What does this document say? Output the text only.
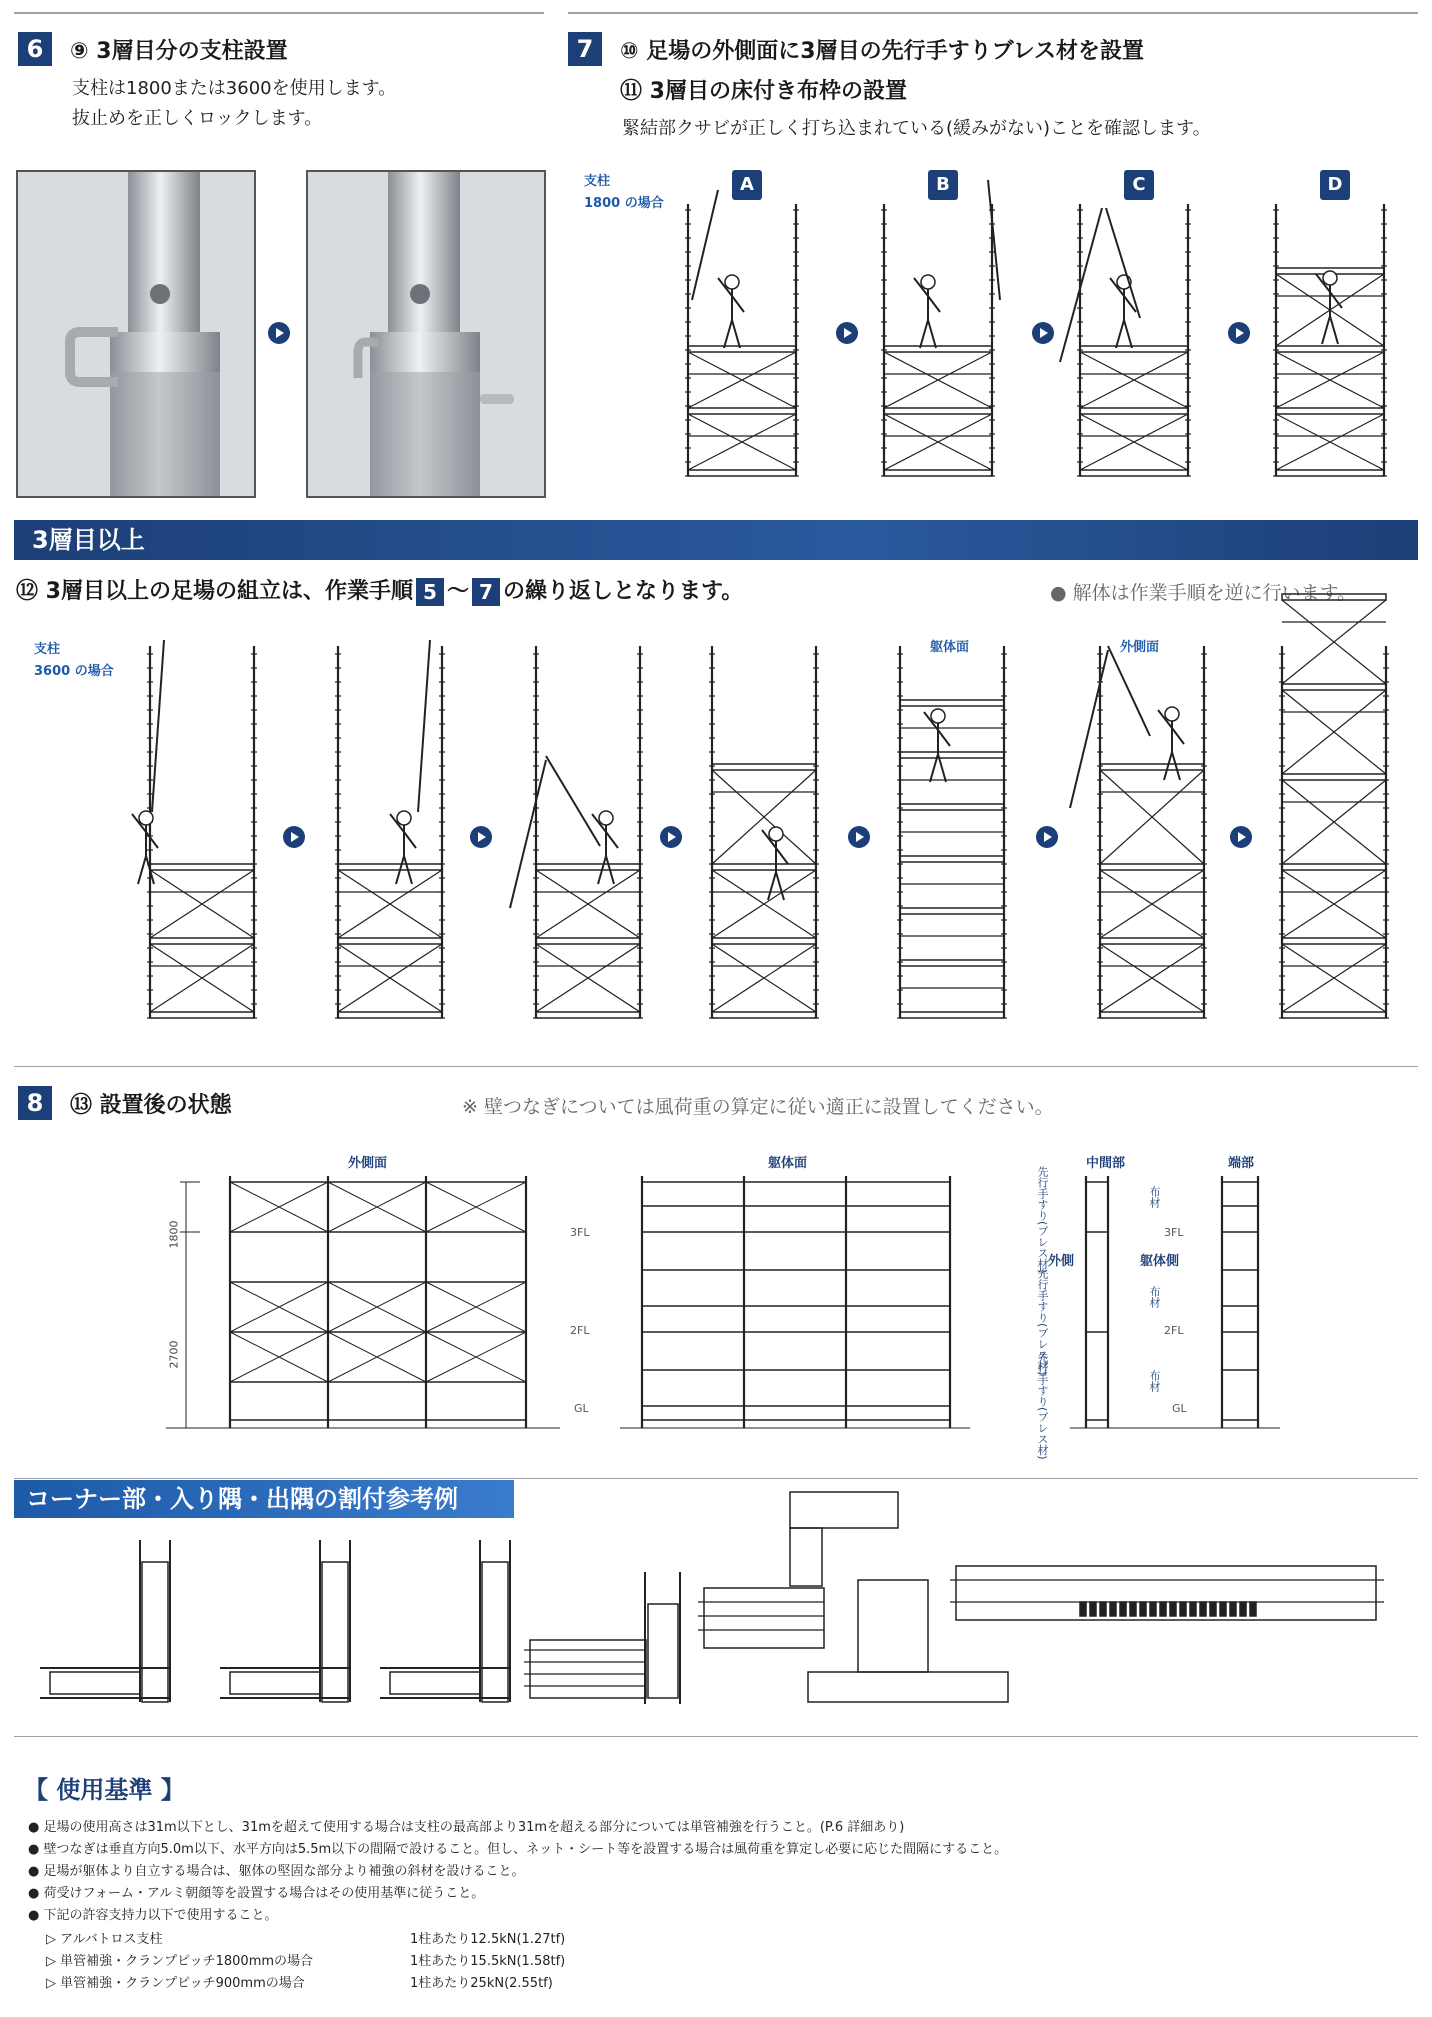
6	⑨ 3層目分の支柱設置
支柱は1800または3600を使用します。
抜止めを正しくロックします。
7	⑩ 足場の外側面に3層目の先行手すりブレス材を設置
⑪ 3層目の床付き布枠の設置
緊結部クサビが正しく打ち込まれている(緩みがない)ことを確認します。
支柱
1800 の場合
A	B	C	D
3層目以上
⑫ 3層目以上の足場の組立は、作業手順 5 ～ 7 の繰り返しとなります。	● 解体は作業手順を逆に行います。
支柱
3600 の場合
躯体面	外側面
8	⑬ 設置後の状態	※ 壁つなぎについては風荷重の算定に従い適正に設置してください。
外側面	躯体面	中間部	端部
1800
2700
3FL
2FL
GL
3FL
2FL
GL
外側	躯体側
先行手すり(ブレス材)
先行手すり(ブレス材)
先行手すり(ブレス材)
布材
布材
布材
コーナー部・入り隅・出隅の割付参考例
【 使用基準 】
● 足場の使用高さは31m以下とし、31mを超えて使用する場合は支柱の最高部より31mを超える部分については単管補強を行うこと。(P.6 詳細あり)
● 壁つなぎは垂直方向5.0m以下、水平方向は5.5m以下の間隔で設けること。但し、ネット・シート等を設置する場合は風荷重を算定し必要に応じた間隔にすること。
● 足場が躯体より自立する場合は、躯体の堅固な部分より補強の斜材を設けること。
● 荷受けフォーム・アルミ朝顔等を設置する場合はその使用基準に従うこと。
● 下記の許容支持力以下で使用すること。
▷ アルバトロス支柱	1柱あたり12.5kN(1.27tf)
▷ 単管補強・クランプピッチ1800mmの場合	1柱あたり15.5kN(1.58tf)
▷ 単管補強・クランプピッチ900mmの場合	1柱あたり25kN(2.55tf)
